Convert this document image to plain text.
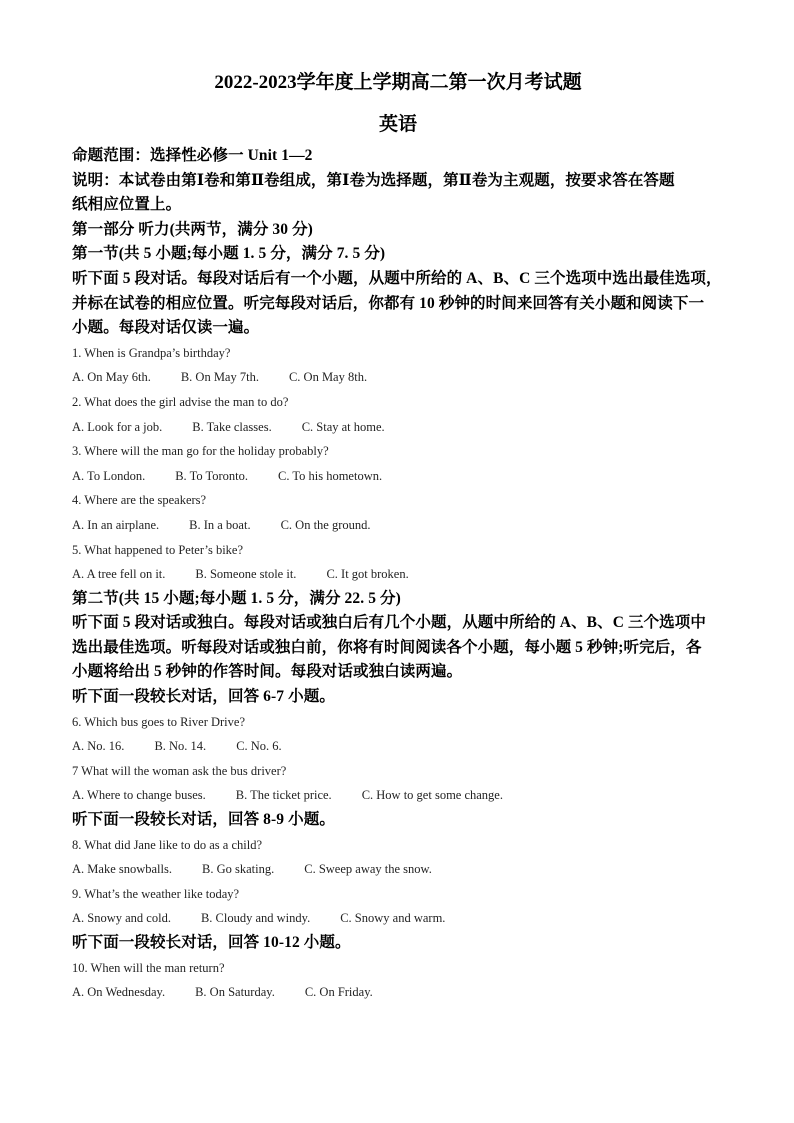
2022-2023学年度上学期高二第一次月考试题

英语

命题范围：选择性必修一 Unit 1—2

说明：本试卷由第Ⅰ卷和第Ⅱ卷组成，第Ⅰ卷为选择题，第Ⅱ卷为主观题，按要求答在答题

纸相应位置上。

第一部分 听力(共两节，满分 30 分)

第一节(共 5 小题;每小题 1. 5 分，满分 7. 5 分)

听下面 5 段对话。每段对话后有一个小题，从题中所给的 A、B、C 三个选项中选出最佳选项，

并标在试卷的相应位置。听完每段对话后，你都有 10 秒钟的时间来回答有关小题和阅读下一

小题。每段对话仅读一遍。

1. When is Grandpa’s birthday?

A. On May 6th. B. On May 7th. C. On May 8th.

2. What does the girl advise the man to do?

A. Look for a job. B. Take classes. C. Stay at home.

3. Where will the man go for the holiday probably?

A. To London. B. To Toronto. C. To his hometown.

4. Where are the speakers?

A. In an airplane. B. In a boat. C. On the ground.

5. What happened to Peter’s bike?

A. A tree fell on it. B. Someone stole it. C. It got broken.

第二节(共 15 小题;每小题 1. 5 分，满分 22. 5 分)

听下面 5 段对话或独白。每段对话或独白后有几个小题，从题中所给的 A、B、C 三个选项中

选出最佳选项。听每段对话或独白前，你将有时间阅读各个小题，每小题 5 秒钟;听完后，各

小题将给出 5 秒钟的作答时间。每段对话或独白读两遍。

听下面一段较长对话，回答 6-7 小题。

6. Which bus goes to River Drive?

A. No. 16. B. No. 14. C. No. 6.

7 What will the woman ask the bus driver?

A. Where to change buses. B. The ticket price. C. How to get some change.

听下面一段较长对话，回答 8-9 小题。

8. What did Jane like to do as a child?

A. Make snowballs. B. Go skating. C. Sweep away the snow.

9. What’s the weather like today?

A. Snowy and cold. B. Cloudy and windy. C. Snowy and warm.

听下面一段较长对话，回答 10-12 小题。

10. When will the man return?

A. On Wednesday. B. On Saturday. C. On Friday.
